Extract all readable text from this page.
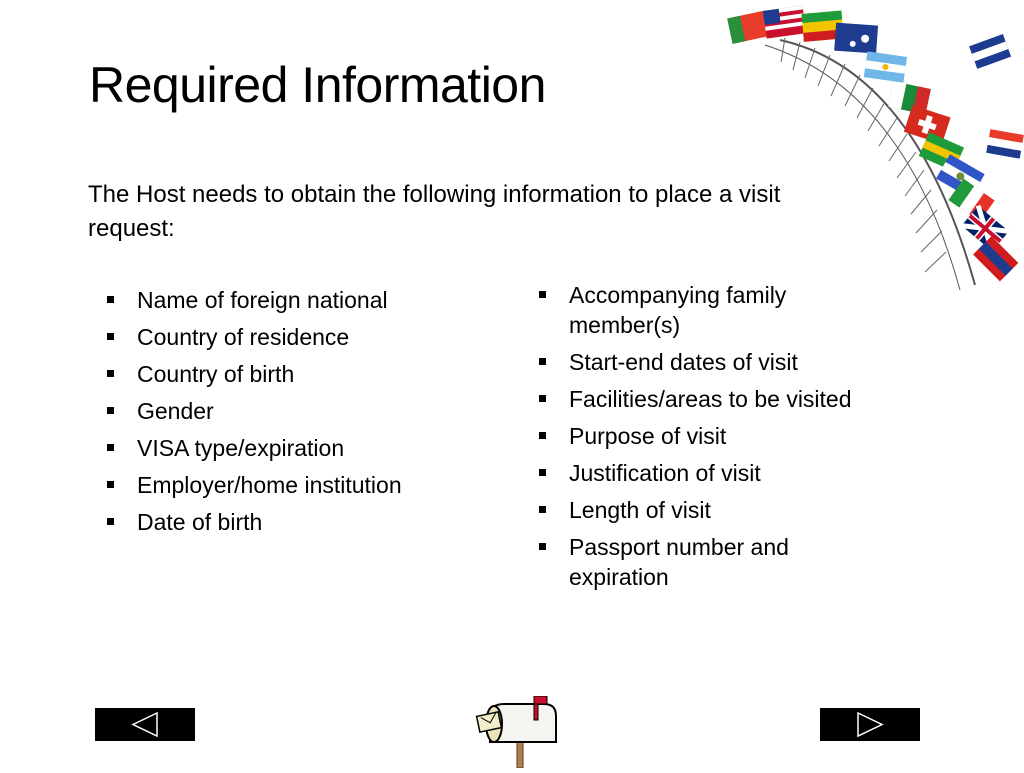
Required Information

The Host needs to obtain the following information to place a visit request:

Name of foreign national
Country of residence
Country of birth
Gender
VISA type/expiration
Employer/home institution
Date of birth
Accompanying family member(s)
Start-end dates of visit
Facilities/areas to be visited
Purpose of visit
Justification of visit
Length of visit
Passport number and expiration
